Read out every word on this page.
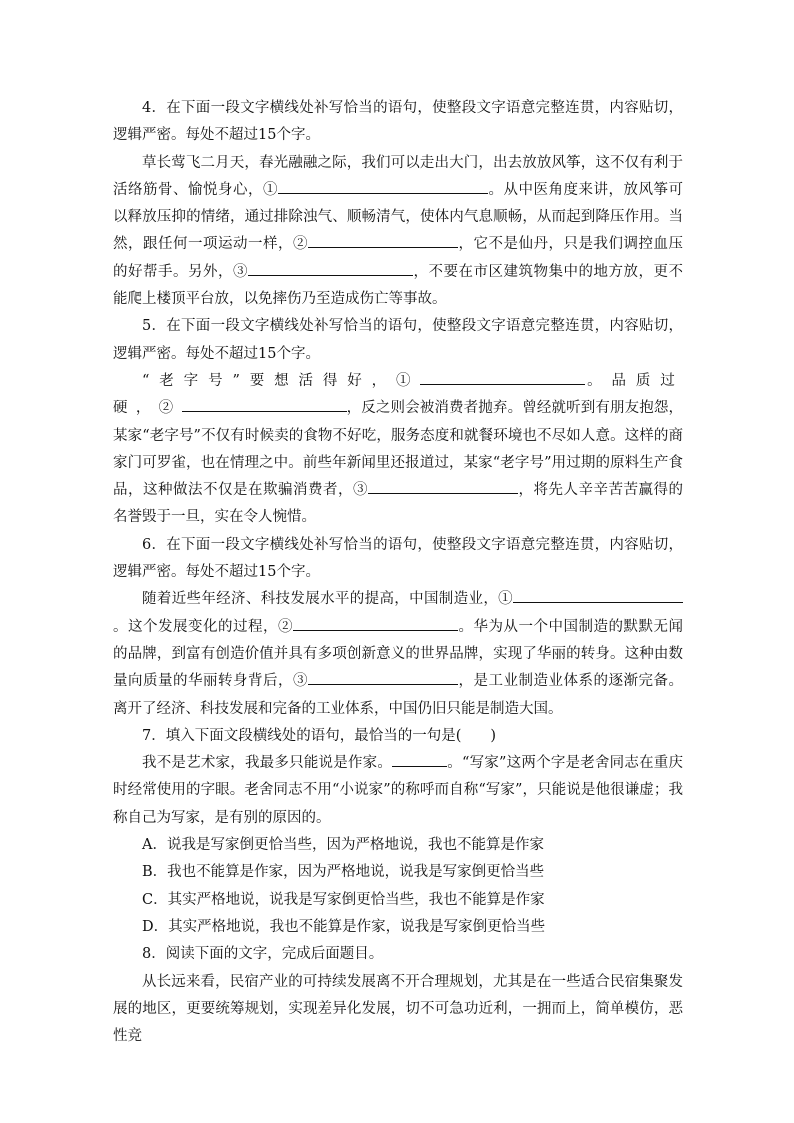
4．在下面一段文字横线处补写恰当的语句，使整段文字语意完整连贯，内容贴切，逻辑严密。每处不超过15个字。

草长莺飞二月天，春光融融之际，我们可以走出大门，出去放放风筝，这不仅有利于活络筋骨、愉悦身心，①	。从中医角度来讲，放风筝可以释放压抑的情绪，通过排除浊气、顺畅清气，使体内气息顺畅，从而起到降压作用。当然，跟任何一项运动一样，②	，它不是仙丹，只是我们调控血压的好帮手。另外，③	，不要在市区建筑物集中的地方放，更不能爬上楼顶平台放，以免摔伤乃至造成伤亡等事故。

5．在下面一段文字横线处补写恰当的语句，使整段文字语意完整连贯，内容贴切，逻辑严密。每处不超过15个字。

“老字号”要想活得好，①	。品质过硬，②	，反之则会被消费者抛弃。曾经就听到有朋友抱怨，某家“老字号”不仅有时候卖的食物不好吃，服务态度和就餐环境也不尽如人意。这样的商家门可罗雀，也在情理之中。前些年新闻里还报道过，某家“老字号”用过期的原料生产食品，这种做法不仅是在欺骗消费者，③	，将先人辛辛苦苦赢得的名誉毁于一旦，实在令人惋惜。

6．在下面一段文字横线处补写恰当的语句，使整段文字语意完整连贯，内容贴切，逻辑严密。每处不超过15个字。

随着近些年经济、科技发展水平的提高，中国制造业，①。这个发展变化的过程，②	。华为从一个中国制造的默默无闻的品牌，到富有创造价值并具有多项创新意义的世界品牌，实现了华丽的转身。这种由数量向质量的华丽转身背后，③	，是工业制造业体系的逐渐完备。离开了经济、科技发展和完备的工业体系，中国仍旧只能是制造大国。

7．填入下面文段横线处的语句，最恰当的一句是(　　)

我不是艺术家，我最多只能说是作家。	。“写家”这两个字是老舍同志在重庆时经常使用的字眼。老舍同志不用“小说家”的称呼而自称“写家”，只能说是他很谦虚；我称自己为写家，是有别的原因的。

A．说我是写家倒更恰当些，因为严格地说，我也不能算是作家

B．我也不能算是作家，因为严格地说，说我是写家倒更恰当些

C．其实严格地说，说我是写家倒更恰当些，我也不能算是作家

D．其实严格地说，我也不能算是作家，说我是写家倒更恰当些

8．阅读下面的文字，完成后面题目。

从长远来看，民宿产业的可持续发展离不开合理规划，尤其是在一些适合民宿集聚发展的地区，更要统筹规划，实现差异化发展，切不可急功近利，一拥而上，简单模仿，恶性竞
